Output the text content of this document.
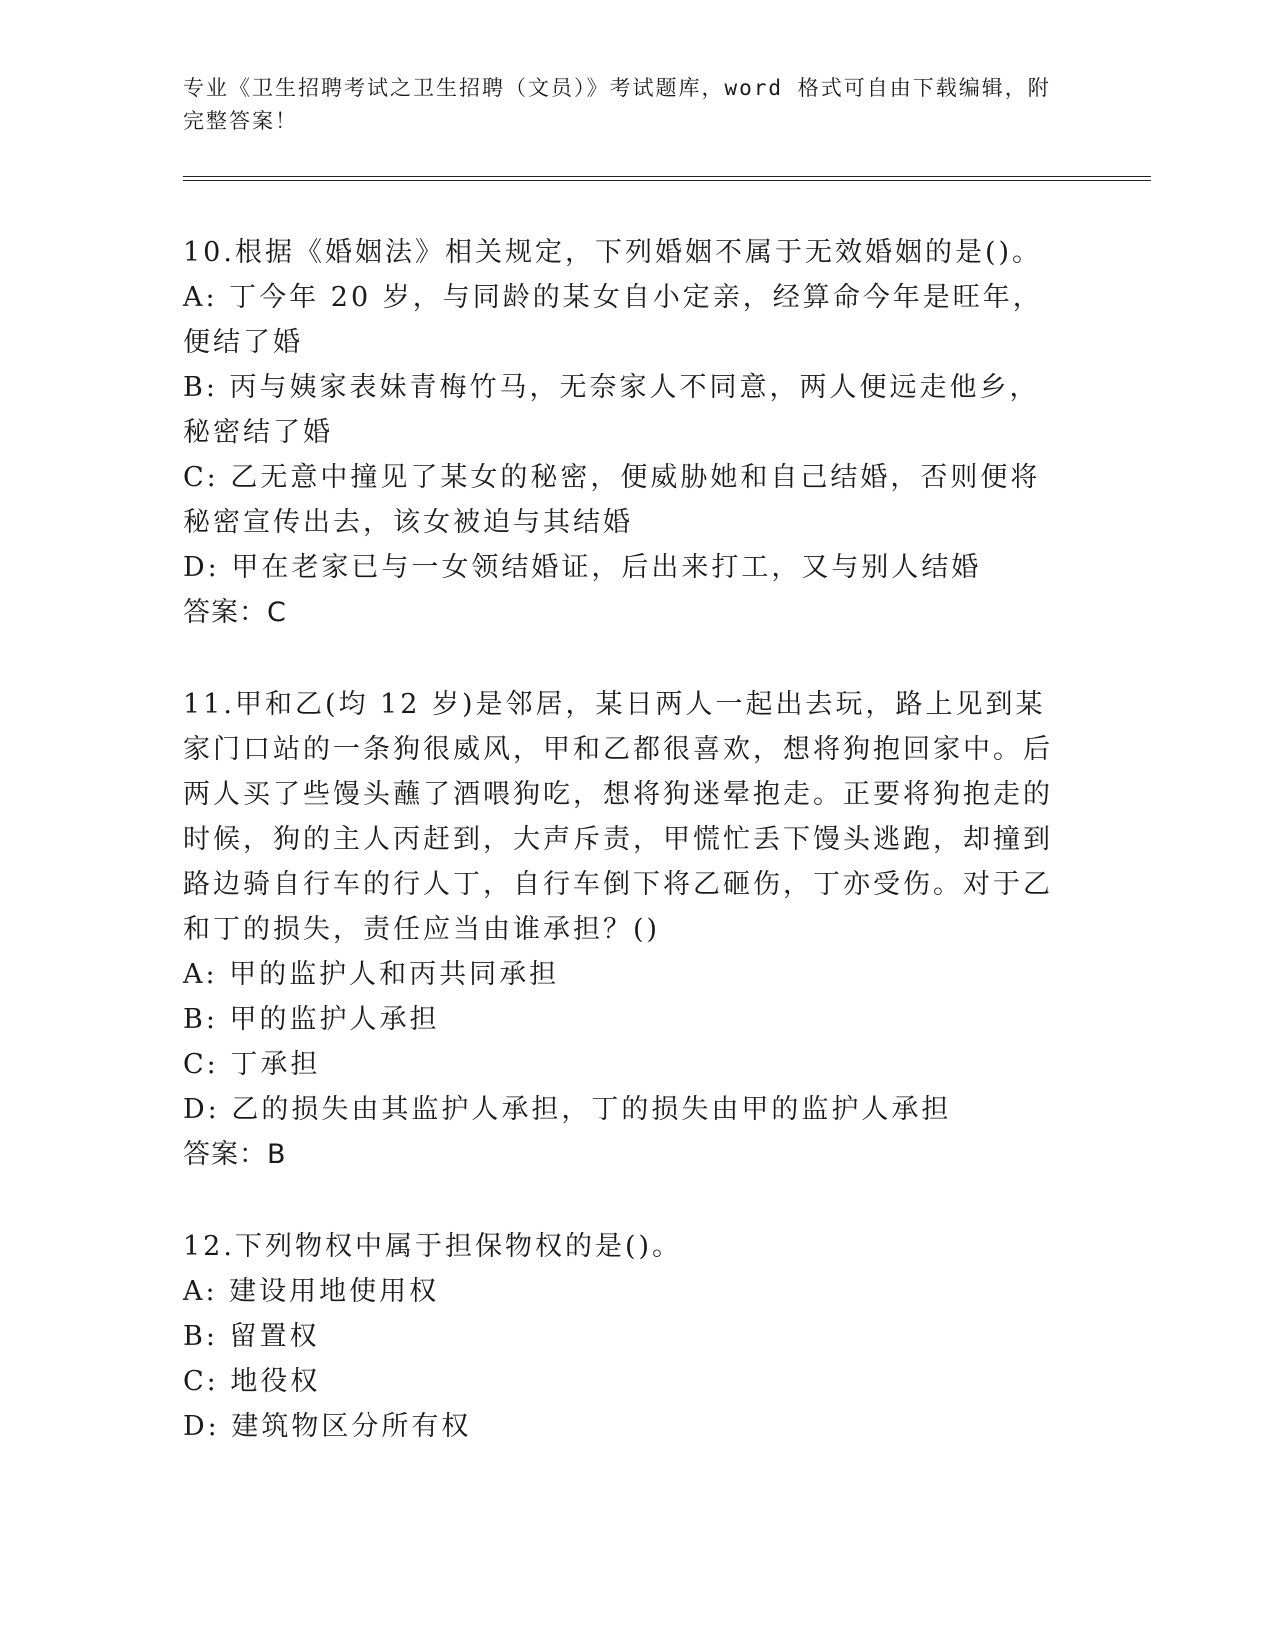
专业《卫生招聘考试之卫生招聘（文员）》考试题库，word 格式可自由下载编辑，附完整答案！

10.根据《婚姻法》相关规定，下列婚姻不属于无效婚姻的是()。

A: 丁今年 20 岁，与同龄的某女自小定亲，经算命今年是旺年，便结了婚

B: 丙与姨家表妹青梅竹马，无奈家人不同意，两人便远走他乡，秘密结了婚

C: 乙无意中撞见了某女的秘密，便威胁她和自己结婚，否则便将秘密宣传出去，该女被迫与其结婚

D: 甲在老家已与一女领结婚证，后出来打工，又与别人结婚

答案：C

11.甲和乙(均 12 岁)是邻居，某日两人一起出去玩，路上见到某家门口站的一条狗很威风，甲和乙都很喜欢，想将狗抱回家中。后两人买了些馒头蘸了酒喂狗吃，想将狗迷晕抱走。正要将狗抱走的时候，狗的主人丙赶到，大声斥责，甲慌忙丢下馒头逃跑，却撞到路边骑自行车的行人丁，自行车倒下将乙砸伤，丁亦受伤。对于乙和丁的损失，责任应当由谁承担？()

A: 甲的监护人和丙共同承担

B: 甲的监护人承担

C: 丁承担

D: 乙的损失由其监护人承担，丁的损失由甲的监护人承担

答案：B

12.下列物权中属于担保物权的是()。

A: 建设用地使用权

B: 留置权

C: 地役权

D: 建筑物区分所有权
